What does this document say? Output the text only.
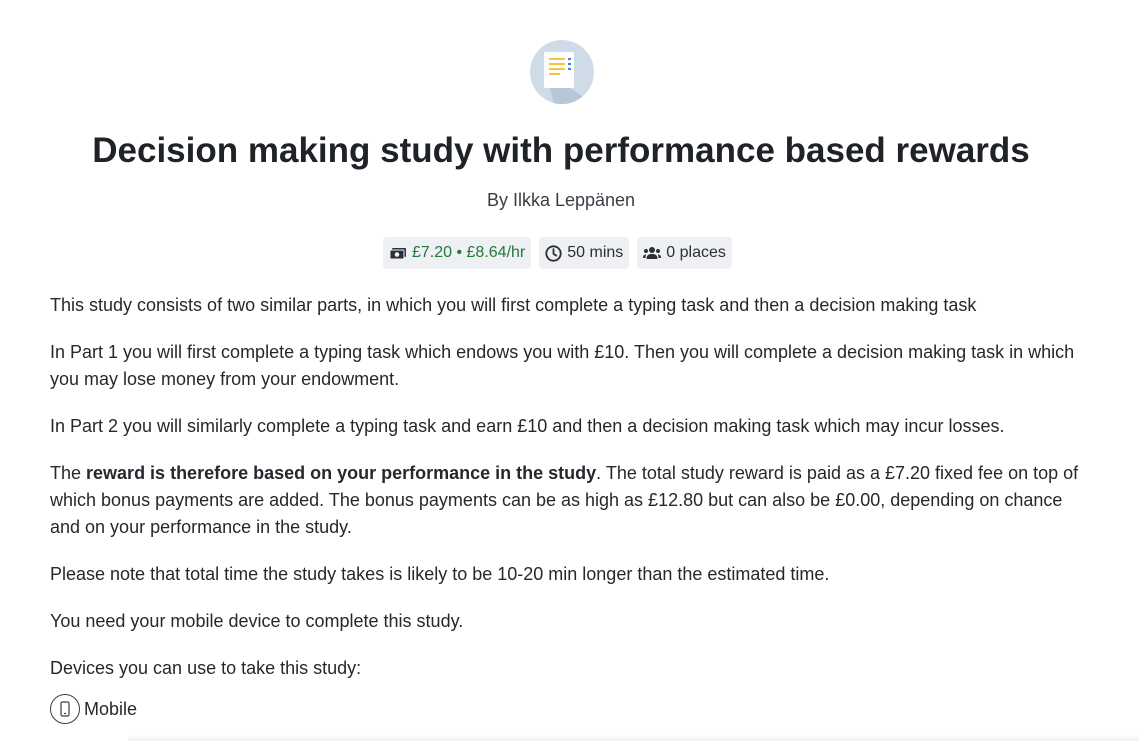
Decision making study with performance based rewards
By Ilkka Leppänen
£7.20 • £8.64/hr	50 mins	0 places

This study consists of two similar parts, in which you will first complete a typing task and then a decision making task

In Part 1 you will first complete a typing task which endows you with £10. Then you will complete a decision making task in which you may lose money from your endowment.

In Part 2 you will similarly complete a typing task and earn £10 and then a decision making task which may incur losses.

The reward is therefore based on your performance in the study. The total study reward is paid as a £7.20 fixed fee on top of which bonus payments are added. The bonus payments can be as high as £12.80 but can also be £0.00, depending on chance and on your performance in the study.

Please note that total time the study takes is likely to be 10-20 min longer than the estimated time.

You need your mobile device to complete this study.

Devices you can use to take this study:

Mobile
